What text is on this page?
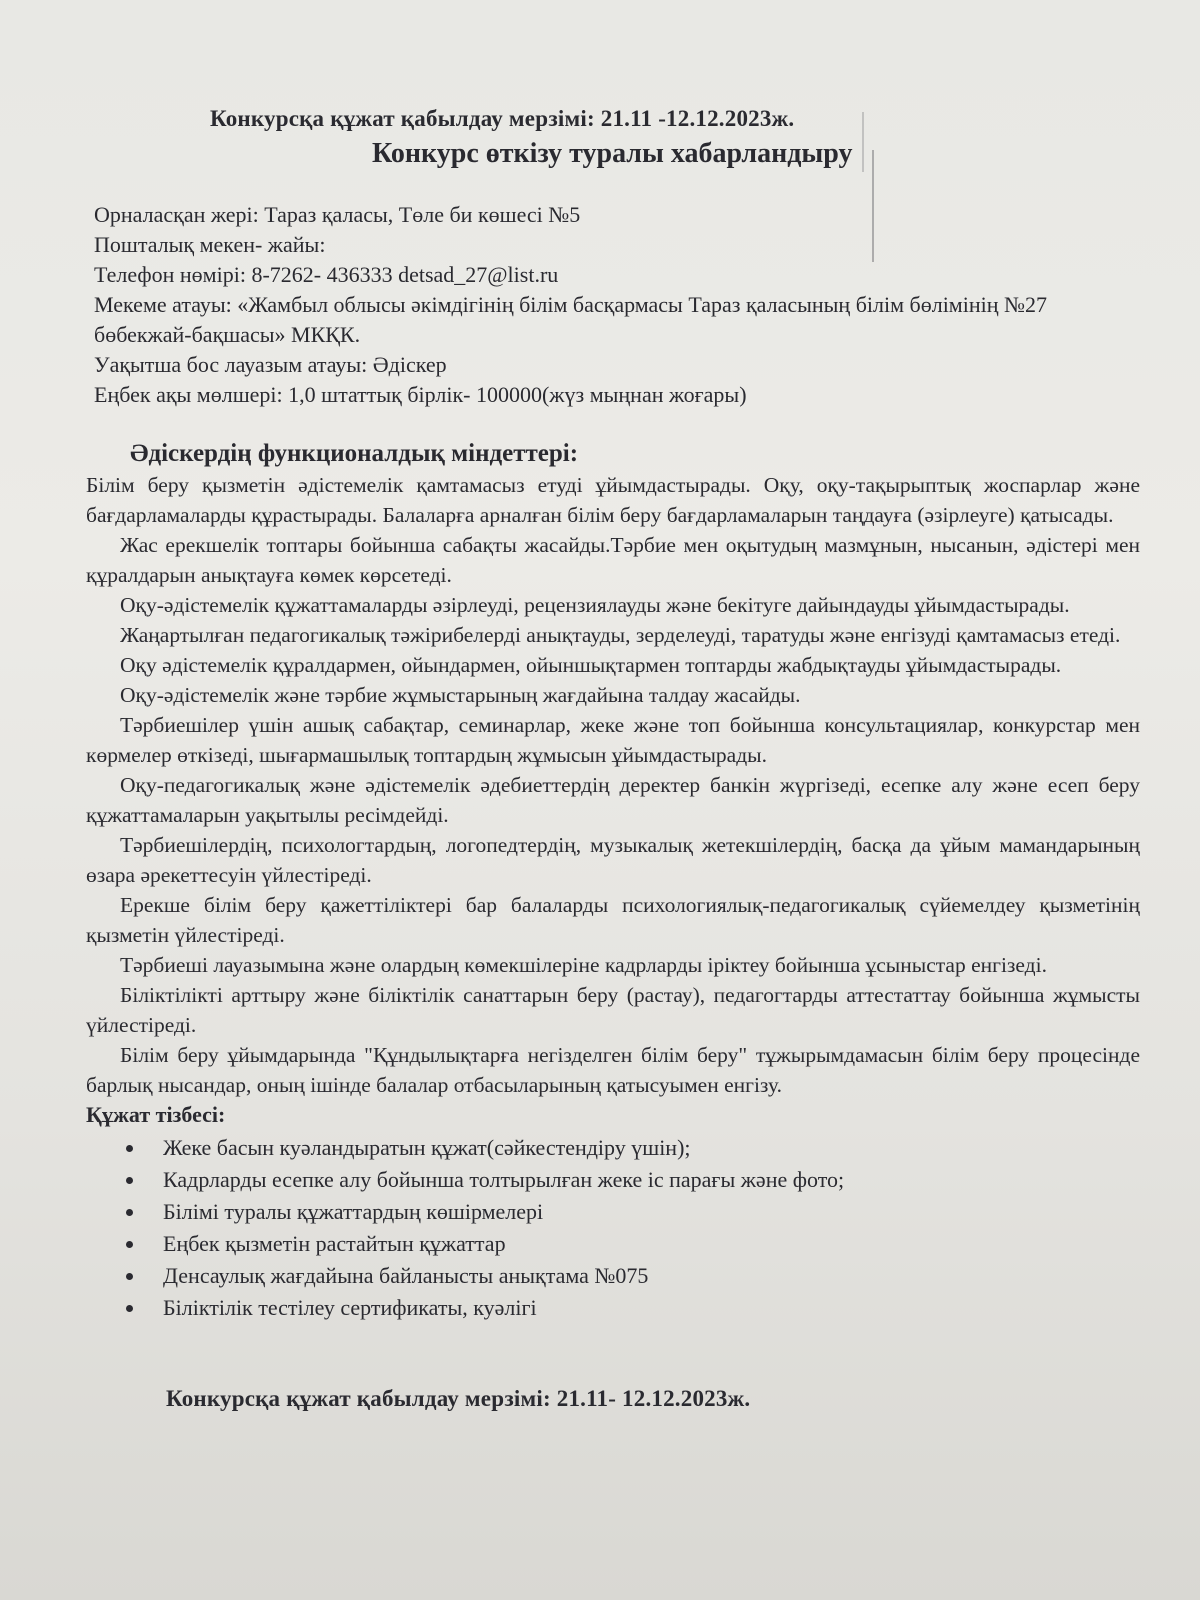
Конкурсқа құжат қабылдау мерзімі: 21.11 -12.12.2023ж.
Конкурс өткізу туралы хабарландыру
Орналасқан жері: Тараз қаласы, Төле би көшесі №5
Пошталық мекен- жайы:
Телефон нөмірі: 8-7262- 436333 detsad_27@list.ru
Мекеме атауы: «Жамбыл облысы әкімдігінің білім басқармасы Тараз қаласының білім бөлімінің №27 бөбекжай-бақшасы» МКҚК.
Уақытша бос лауазым атауы: Әдіскер
Еңбек ақы мөлшері: 1,0 штаттық бірлік- 100000(жүз мыңнан жоғары)
Әдіскердің функционалдық міндеттері:

Білім беру қызметін әдістемелік қамтамасыз етуді ұйымдастырады. Оқу, оқу-тақырыптық жоспарлар және бағдарламаларды құрастырады. Балаларға арналған білім беру бағдарламаларын таңдауға (әзірлеуге) қатысады.

Жас ерекшелік топтары бойынша сабақты жасайды.Тәрбие мен оқытудың мазмұнын, нысанын, әдістері мен құралдарын анықтауға көмек көрсетеді.

Оқу-әдістемелік құжаттамаларды әзірлеуді, рецензиялауды және бекітуге дайындауды ұйымдастырады.

Жаңартылған педагогикалық тәжірибелерді анықтауды, зерделеуді, таратуды және енгізуді қамтамасыз етеді.

Оқу әдістемелік құралдармен, ойындармен, ойыншықтармен топтарды жабдықтауды ұйымдастырады.

Оқу-әдістемелік және тәрбие жұмыстарының жағдайына талдау жасайды.

Тәрбиешілер үшін ашық сабақтар, семинарлар, жеке және топ бойынша консультациялар, конкурстар мен көрмелер өткізеді, шығармашылық топтардың жұмысын ұйымдастырады.

Оқу-педагогикалық және әдістемелік әдебиеттердің деректер банкін жүргізеді, есепке алу және есеп беру құжаттамаларын уақытылы ресімдейді.

Тәрбиешілердің, психологтардың, логопедтердің, музыкалық жетекшілердің, басқа да ұйым мамандарының өзара әрекеттесуін үйлестіреді.

Ерекше білім беру қажеттіліктері бар балаларды психологиялық-педагогикалық сүйемелдеу қызметінің қызметін үйлестіреді.

Тәрбиеші лауазымына және олардың көмекшілеріне кадрларды іріктеу бойынша ұсыныстар енгізеді.

Біліктілікті арттыру және біліктілік санаттарын беру (растау), педагогтарды аттестаттау бойынша жұмысты үйлестіреді.

Білім беру ұйымдарында "Құндылықтарға негізделген білім беру" тұжырымдамасын білім беру процесінде барлық нысандар, оның ішінде балалар отбасыларының қатысуымен енгізу.

Құжат тізбесі:
Жеке басын куәландыратын құжат(сәйкестендіру үшін);
Кадрларды есепке алу бойынша толтырылған жеке іс парағы және фото;
Білімі туралы құжаттардың көшірмелері
Еңбек қызметін растайтын құжаттар
Денсаулық жағдайына байланысты анықтама №075
Біліктілік тестілеу сертификаты, куәлігі
Конкурсқа құжат қабылдау мерзімі: 21.11- 12.12.2023ж.
